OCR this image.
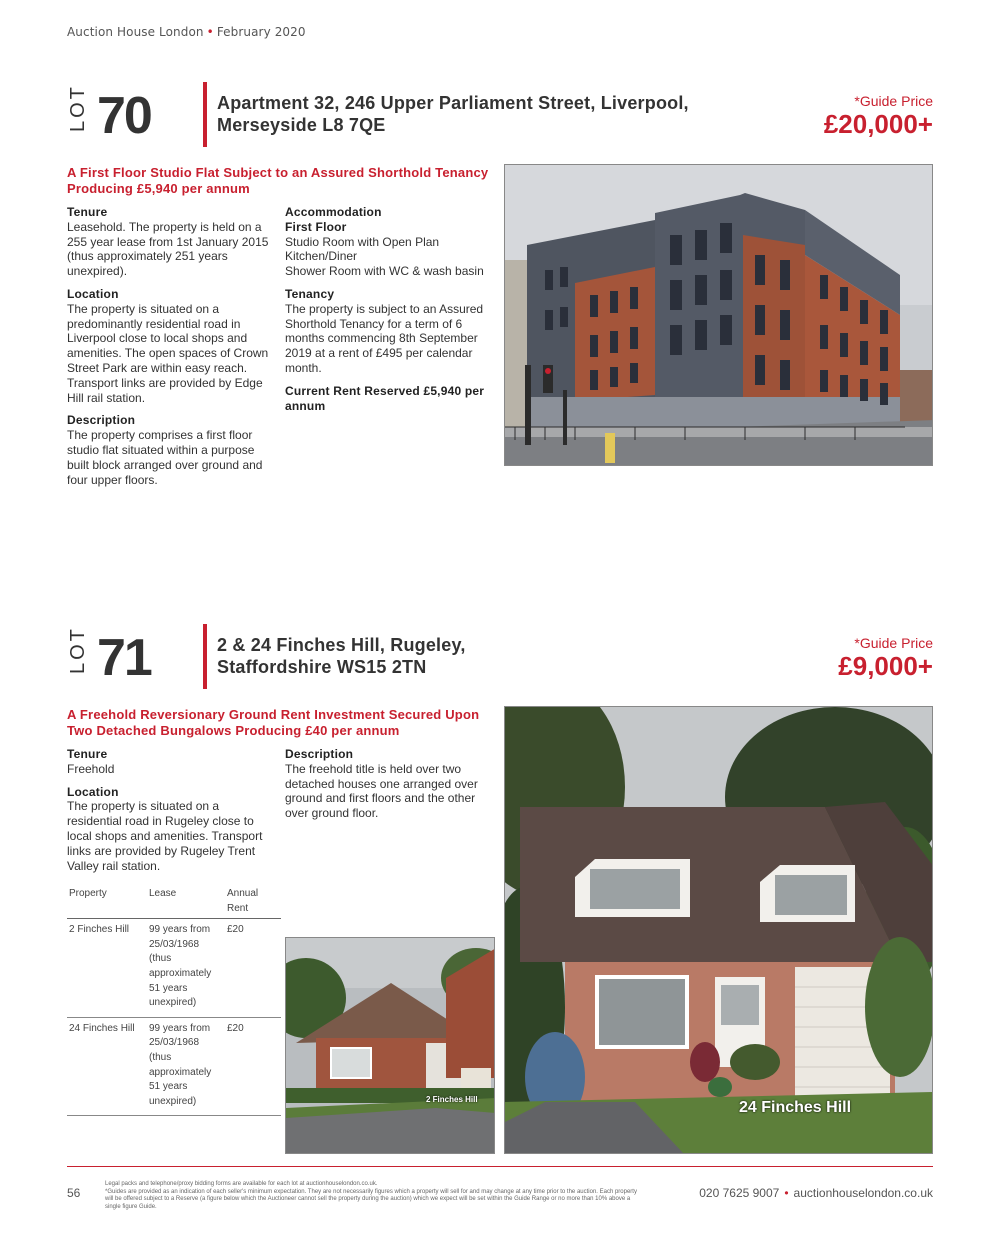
Auction House London • February 2020
LOT 70	Apartment 32, 246 Upper Parliament Street, Liverpool,
Merseyside L8 7QE
*Guide Price
£20,000+
A First Floor Studio Flat Subject to an Assured Shorthold Tenancy Producing £5,940 per annum
Tenure

Leasehold. The property is held on a 255 year lease from 1st January 2015 (thus approximately 251 years unexpired).

Location

The property is situated on a predominantly residential road in Liverpool close to local shops and amenities. The open spaces of Crown Street Park are within easy reach. Transport links are provided by Edge Hill rail station.

Description

The property comprises a first floor studio flat situated within a purpose built block arranged over ground and four upper floors.

Accommodation
First Floor

Studio Room with Open Plan Kitchen/Diner
Shower Room with WC & wash basin

Tenancy

The property is subject to an Assured Shorthold Tenancy for a term of 6 months commencing 8th September 2019 at a rent of £495 per calendar month.

Current Rent Reserved £5,940 per annum
LOT 71	2 & 24 Finches Hill, Rugeley,
Staffordshire WS15 2TN
*Guide Price
£9,000+
A Freehold Reversionary Ground Rent Investment Secured Upon Two Detached Bungalows Producing £40 per annum
Tenure

Freehold

Location

The property is situated on a residential road in Rugeley close to local shops and amenities. Transport links are provided by Rugeley Trent Valley rail station.

Description

The freehold title is held over two detached houses one arranged over ground and first floors and the other over ground floor.

Property	Lease	Annual Rent
2 Finches Hill	99 years from 25/03/1968 (thus approximately 51 years unexpired)	£20
24 Finches Hill	99 years from 25/03/1968 (thus approximately 51 years unexpired)	£20
2 Finches Hill	24 Finches Hill
56
Legal packs and telephone/proxy bidding forms are available for each lot at auctionhouselondon.co.uk.
*Guides are provided as an indication of each seller's minimum expectation. They are not necessarily figures which a property will sell for and may change at any time prior to the auction. Each property will be offered subject to a Reserve (a figure below which the Auctioneer cannot sell the property during the auction) which we expect will be set within the Guide Range or no more than 10% above a single figure Guide.
020 7625 9007 • auctionhouselondon.co.uk
